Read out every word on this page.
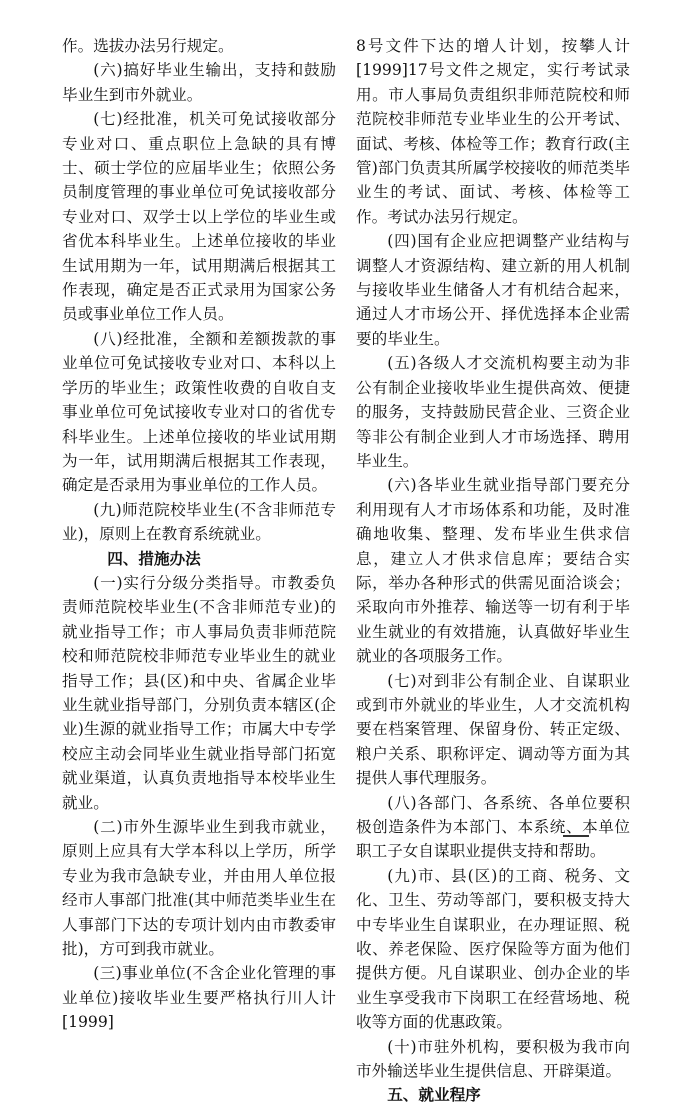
作。选拔办法另行规定。

(六)搞好毕业生输出，支持和鼓励毕业生到市外就业。

(七)经批准，机关可免试接收部分专业对口、重点职位上急缺的具有博士、硕士学位的应届毕业生；依照公务员制度管理的事业单位可免试接收部分专业对口、双学士以上学位的毕业生或省优本科毕业生。上述单位接收的毕业生试用期为一年，试用期满后根据其工作表现，确定是否正式录用为国家公务员或事业单位工作人员。

(八)经批准，全额和差额拨款的事业单位可免试接收专业对口、本科以上学历的毕业生；政策性收费的自收自支事业单位可免试接收专业对口的省优专科毕业生。上述单位接收的毕业试用期为一年，试用期满后根据其工作表现，确定是否录用为事业单位的工作人员。

(九)师范院校毕业生(不含非师范专业)，原则上在教育系统就业。

四、措施办法

(一)实行分级分类指导。市教委负责师范院校毕业生(不含非师范专业)的就业指导工作；市人事局负责非师范院校和师范院校非师范专业毕业生的就业指导工作；县(区)和中央、省属企业毕业生就业指导部门，分别负责本辖区(企业)生源的就业指导工作；市属大中专学校应主动会同毕业生就业指导部门拓宽就业渠道，认真负责地指导本校毕业生就业。

(二)市外生源毕业生到我市就业，原则上应具有大学本科以上学历，所学专业为我市急缺专业，并由用人单位报经市人事部门批准(其中师范类毕业生在人事部门下达的专项计划内由市教委审批)，方可到我市就业。

(三)事业单位(不含企业化管理的事业单位)接收毕业生要严格执行川人计[1999]

8号文件下达的增人计划，按攀人计[1999]17号文件之规定，实行考试录用。市人事局负责组织非师范院校和师范院校非师范专业毕业生的公开考试、面试、考核、体检等工作；教育行政(主管)部门负责其所属学校接收的师范类毕业生的考试、面试、考核、体检等工作。考试办法另行规定。

(四)国有企业应把调整产业结构与调整人才资源结构、建立新的用人机制与接收毕业生储备人才有机结合起来，通过人才市场公开、择优选择本企业需要的毕业生。

(五)各级人才交流机构要主动为非公有制企业接收毕业生提供高效、便捷的服务，支持鼓励民营企业、三资企业等非公有制企业到人才市场选择、聘用毕业生。

(六)各毕业生就业指导部门要充分利用现有人才市场体系和功能，及时准确地收集、整理、发布毕业生供求信息，建立人才供求信息库；要结合实际，举办各种形式的供需见面洽谈会；采取向市外推荐、输送等一切有利于毕业生就业的有效措施，认真做好毕业生就业的各项服务工作。

(七)对到非公有制企业、自谋职业或到市外就业的毕业生，人才交流机构要在档案管理、保留身份、转正定级、粮户关系、职称评定、调动等方面为其提供人事代理服务。

(八)各部门、各系统、各单位要积极创造条件为本部门、本系统、本单位职工子女自谋职业提供支持和帮助。

(九)市、县(区)的工商、税务、文化、卫生、劳动等部门，要积极支持大中专毕业生自谋职业，在办理证照、税收、养老保险、医疗保险等方面为他们提供方便。凡自谋职业、创办企业的毕业生享受我市下岗职工在经营场地、税收等方面的优惠政策。

(十)市驻外机构，要积极为我市向市外输送毕业生提供信息、开辟渠道。

五、就业程序
